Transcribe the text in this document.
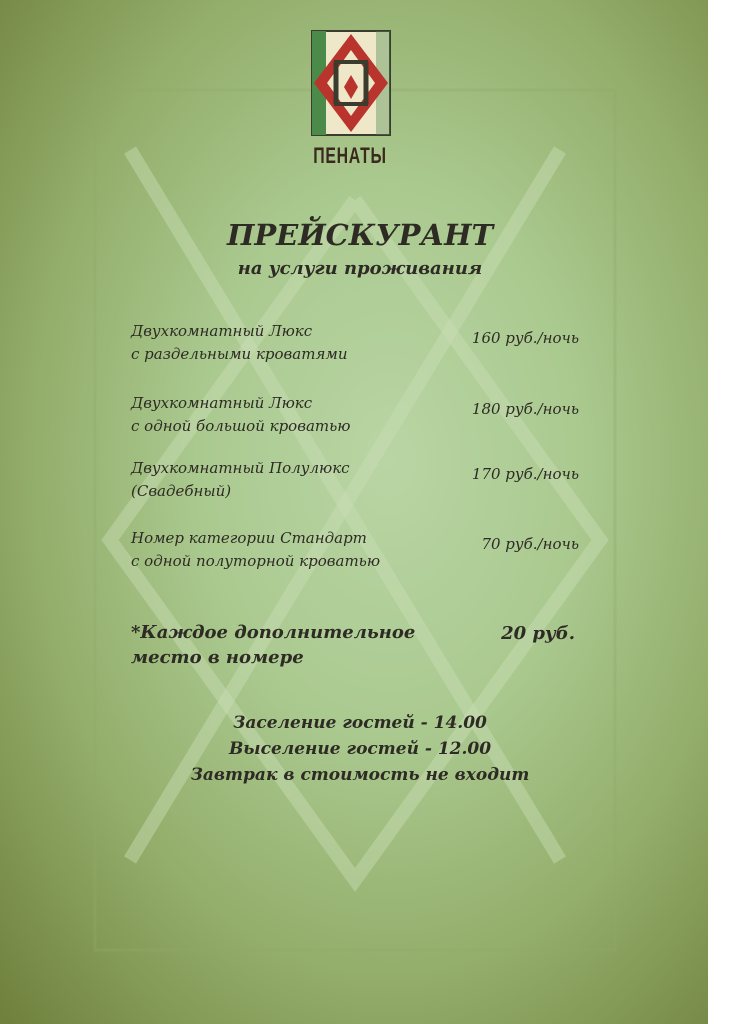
ПЕНАТЫ
ПРЕЙСКУРАНТ
на услуги проживания
Двухкомнатный Люкс
с раздельными кроватями
160 руб./ночь
Двухкомнатный Люкс
с одной большой кроватью
180 руб./ночь
Двухкомнатный Полулюкс
(Свадебный)
170 руб./ночь
Номер категории Стандарт
с одной полуторной кроватью
70 руб./ночь
*Каждое дополнительное
место в номере
20 руб.
Заселение гостей - 14.00
Выселение гостей - 12.00
Завтрак в стоимость не входит
